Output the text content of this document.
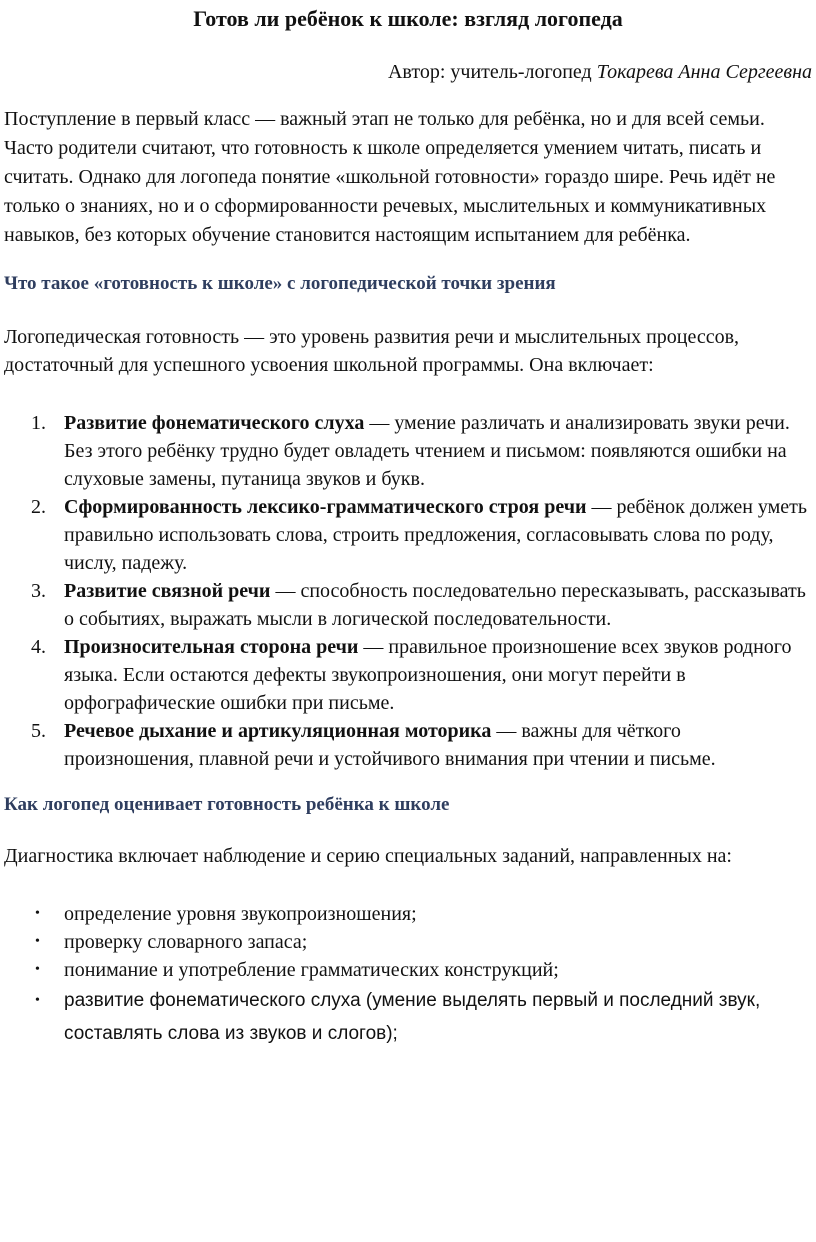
Готов ли ребёнок к школе: взгляд логопеда

Автор: учитель-логопед Токарева Анна Сергеевна

Поступление в первый класс — важный этап не только для ребёнка, но и для всей семьи. Часто родители считают, что готовность к школе определяется умением читать, писать и считать. Однако для логопеда понятие «школьной готовности» гораздо шире. Речь идёт не только о знаниях, но и о сформированности речевых, мыслительных и коммуникативных навыков, без которых обучение становится настоящим испытанием для ребёнка.

Что такое «готовность к школе» с логопедической точки зрения

Логопедическая готовность — это уровень развития речи и мыслительных процессов, достаточный для успешного усвоения школьной программы. Она включает:

1. Развитие фонематического слуха — умение различать и анализировать звуки речи. Без этого ребёнку трудно будет овладеть чтением и письмом: появляются ошибки на слуховые замены, путаница звуков и букв.
2. Сформированность лексико-грамматического строя речи — ребёнок должен уметь правильно использовать слова, строить предложения, согласовывать слова по роду, числу, падежу.
3. Развитие связной речи — способность последовательно пересказывать, рассказывать о событиях, выражать мысли в логической последовательности.
4. Произносительная сторона речи — правильное произношение всех звуков родного языка. Если остаются дефекты звукопроизношения, они могут перейти в орфографические ошибки при письме.
5. Речевое дыхание и артикуляционная моторика — важны для чёткого произношения, плавной речи и устойчивого внимания при чтении и письме.
Как логопед оценивает готовность ребёнка к школе

Диагностика включает наблюдение и серию специальных заданий, направленных на:

• определение уровня звукопроизношения;
• проверку словарного запаса;
• понимание и употребление грамматических конструкций;
• развитие фонематического слуха (умение выделять первый и последний звук, составлять слова из звуков и слогов);
